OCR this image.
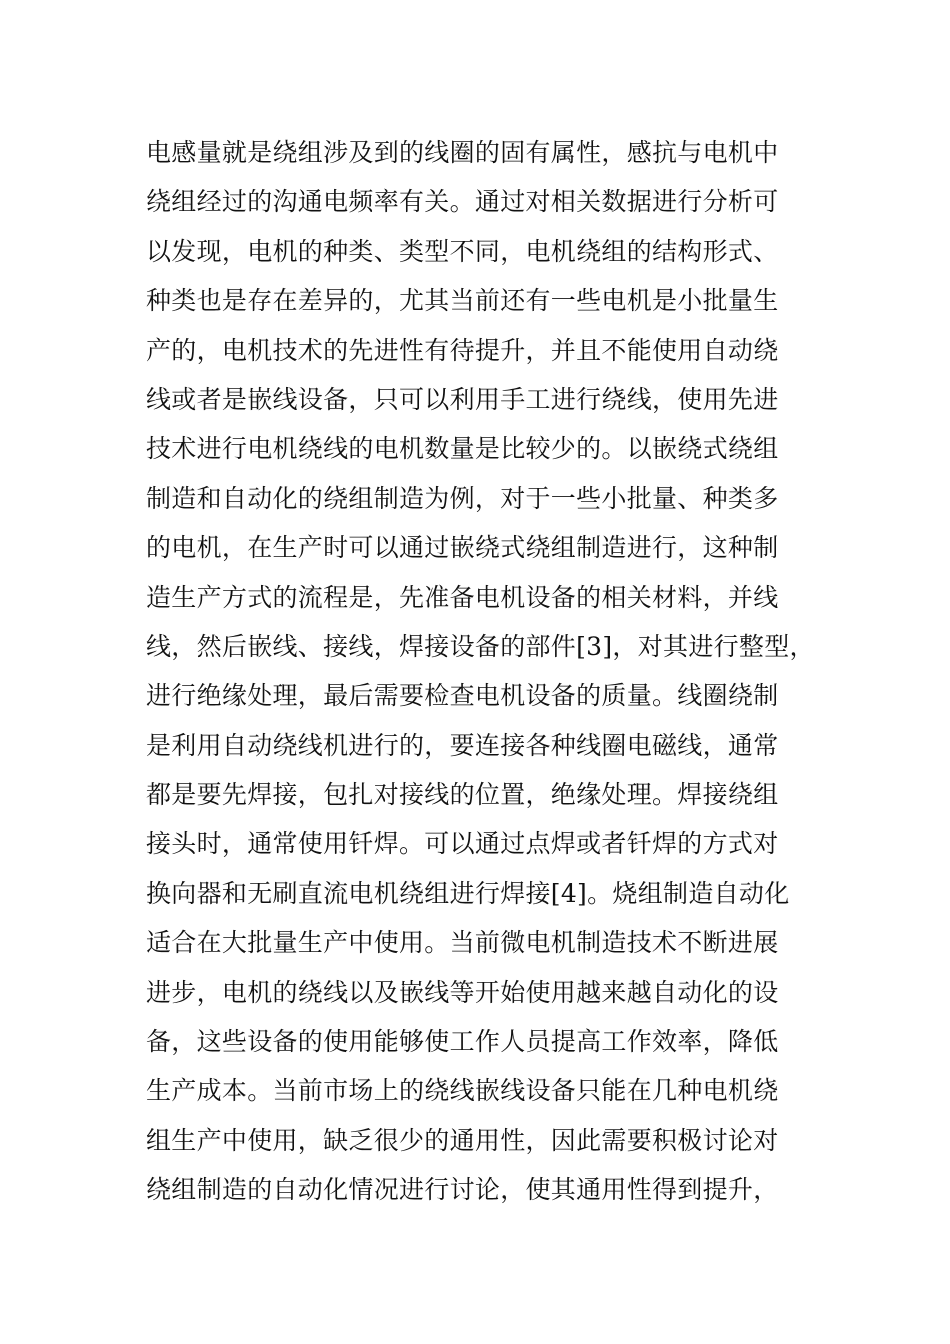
电感量就是绕组涉及到的线圈的固有属性，感抗与电机中
绕组经过的沟通电频率有关。通过对相关数据进行分析可
以发现，电机的种类、类型不同，电机绕组的结构形式、
种类也是存在差异的，尤其当前还有一些电机是小批量生
产的，电机技术的先进性有待提升，并且不能使用自动绕
线或者是嵌线设备，只可以利用手工进行绕线，使用先进
技术进行电机绕线的电机数量是比较少的。以嵌绕式绕组
制造和自动化的绕组制造为例，对于一些小批量、种类多
的电机，在生产时可以通过嵌绕式绕组制造进行，这种制
造生产方式的流程是，先准备电机设备的相关材料，并线
线，然后嵌线、接线，焊接设备的部件[3]，对其进行整型，
进行绝缘处理，最后需要检查电机设备的质量。线圈绕制
是利用自动绕线机进行的，要连接各种线圈电磁线，通常
都是要先焊接，包扎对接线的位置，绝缘处理。焊接绕组
接头时，通常使用钎焊。可以通过点焊或者钎焊的方式对
换向器和无刷直流电机绕组进行焊接[4]。烧组制造自动化
适合在大批量生产中使用。当前微电机制造技术不断进展
进步，电机的绕线以及嵌线等开始使用越来越自动化的设
备，这些设备的使用能够使工作人员提高工作效率，降低
生产成本。当前市场上的绕线嵌线设备只能在几种电机绕
组生产中使用，缺乏很少的通用性，因此需要积极讨论对
绕组制造的自动化情况进行讨论，使其通用性得到提升，
